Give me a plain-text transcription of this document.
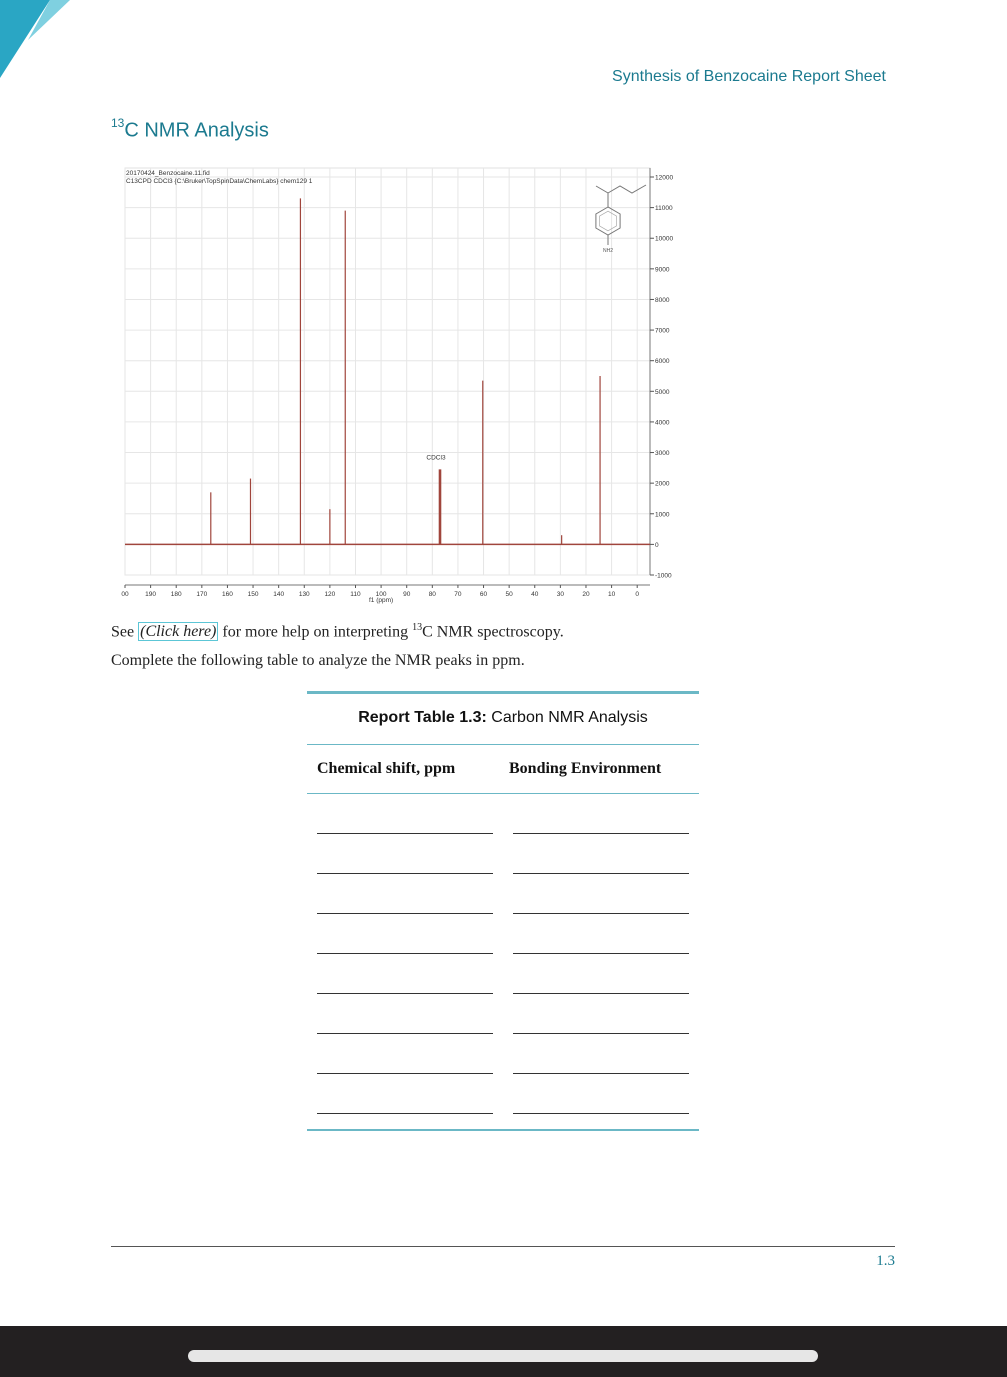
Synthesis of Benzocaine Report Sheet
$^{13}$C NMR Analysis
12000
11000
10000
9000
8000
7000
6000
5000
4000
3000
2000
1000
0
-1000
00	190 180 170 160 150 140 130 120 110 100	90	80	70	60	50	40	30	20	10	0
f1 (ppm)
20170424_Benzocaine.11.fid
C13CPD CDCl3 {C:\Bruker\TopSpinData\ChemLabs} chem129 1
CDCl3
NH2
See (Click here) for more help on interpreting $^{13}$C NMR spectroscopy.
Complete the following table to analyze the NMR peaks in ppm.
Report Table 1.3: Carbon NMR Analysis
Chemical shift, ppm	Bonding Environment
1.3
